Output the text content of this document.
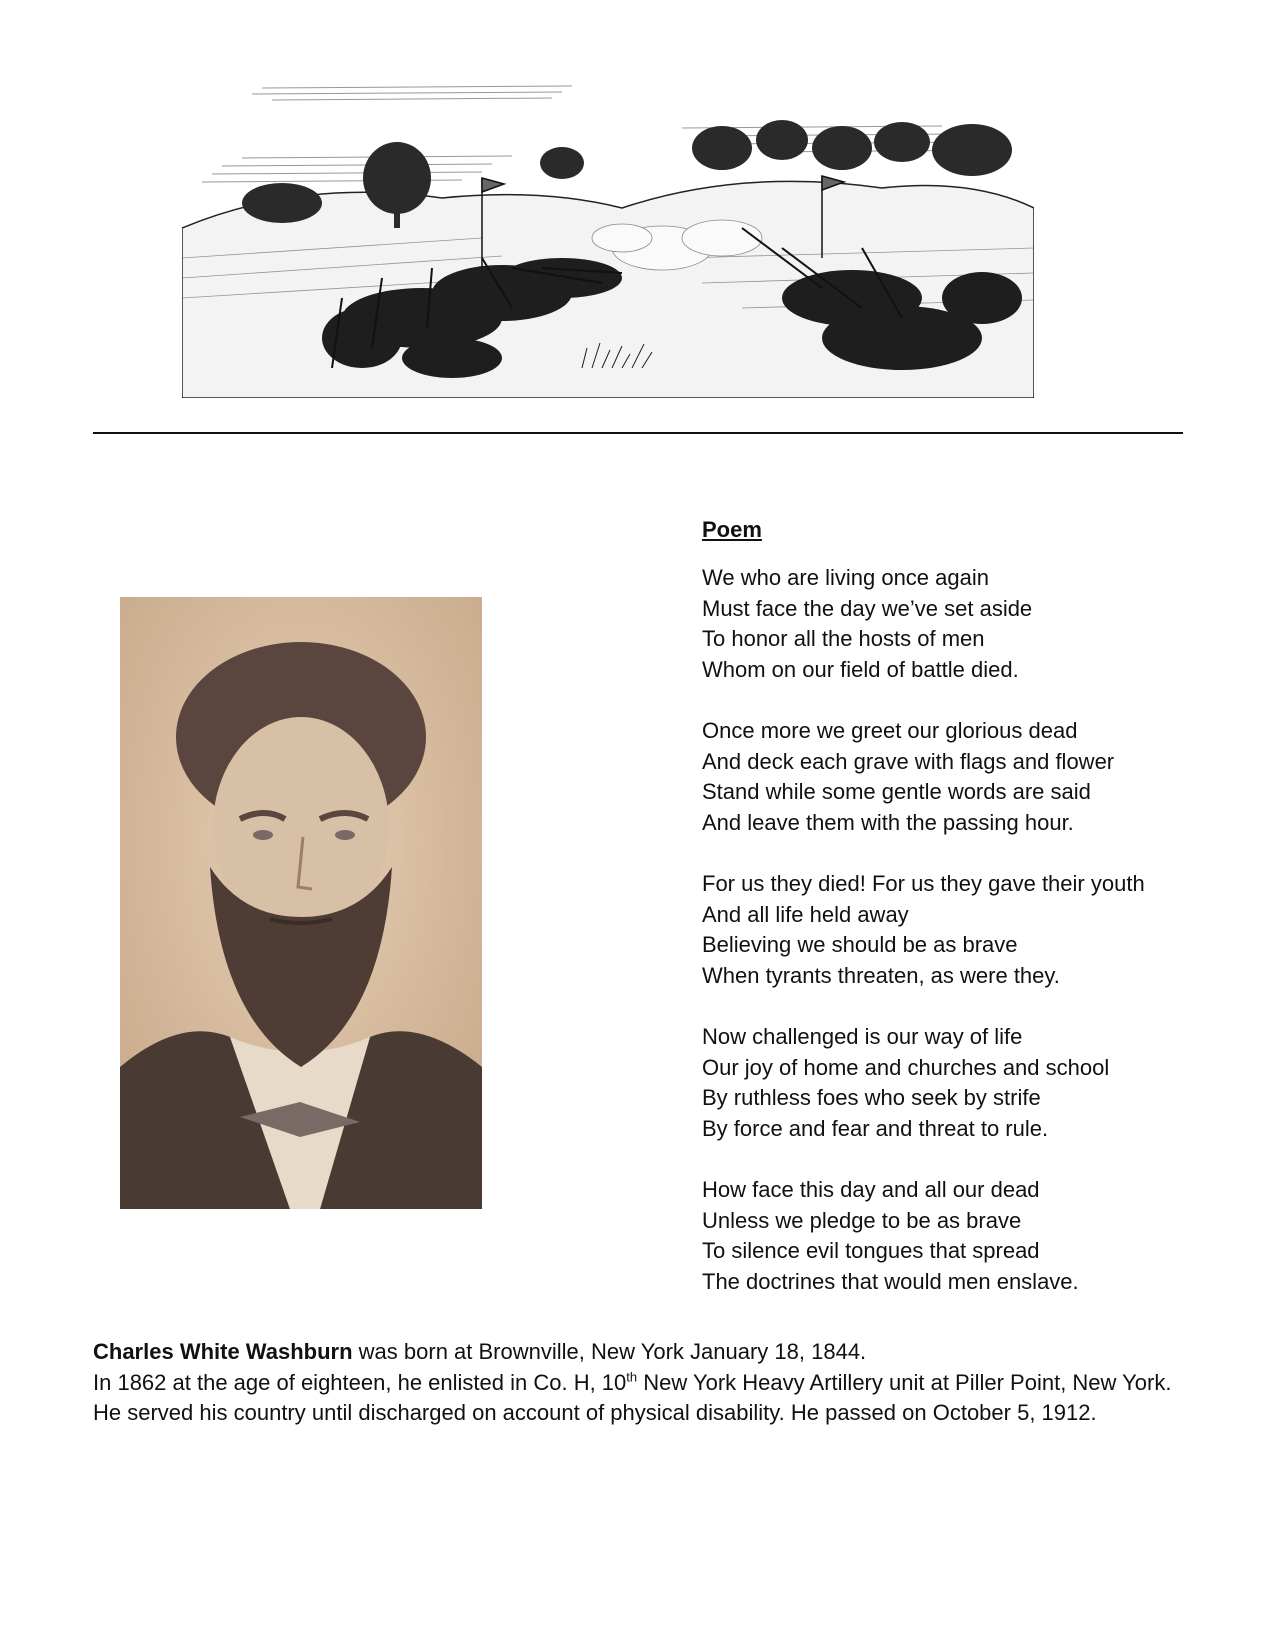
Poem
We who are living once again
Must face the day we’ve set aside
To honor all the hosts of men
Whom on our field of battle died.
Once more we greet our glorious dead
And deck each grave with flags and flower
Stand while some gentle words are said
And leave them with the passing hour.
For us they died! For us they gave their youth
And all life held away
Believing we should be as brave
When tyrants threaten, as were they.
Now challenged is our way of life
Our joy of home and churches and school
By ruthless foes who seek by strife
By force and fear and threat to rule.
How face this day and all our dead
Unless we pledge to be as brave
To silence evil tongues that spread
The doctrines that would men enslave.
Charles White Washburn was born at Brownville, New York January 18, 1844.
In 1862 at the age of eighteen, he enlisted in Co. H, 10th New York Heavy Artillery unit at Piller Point, New York. He served his country until discharged on account of physical disability. He passed on October 5, 1912.
